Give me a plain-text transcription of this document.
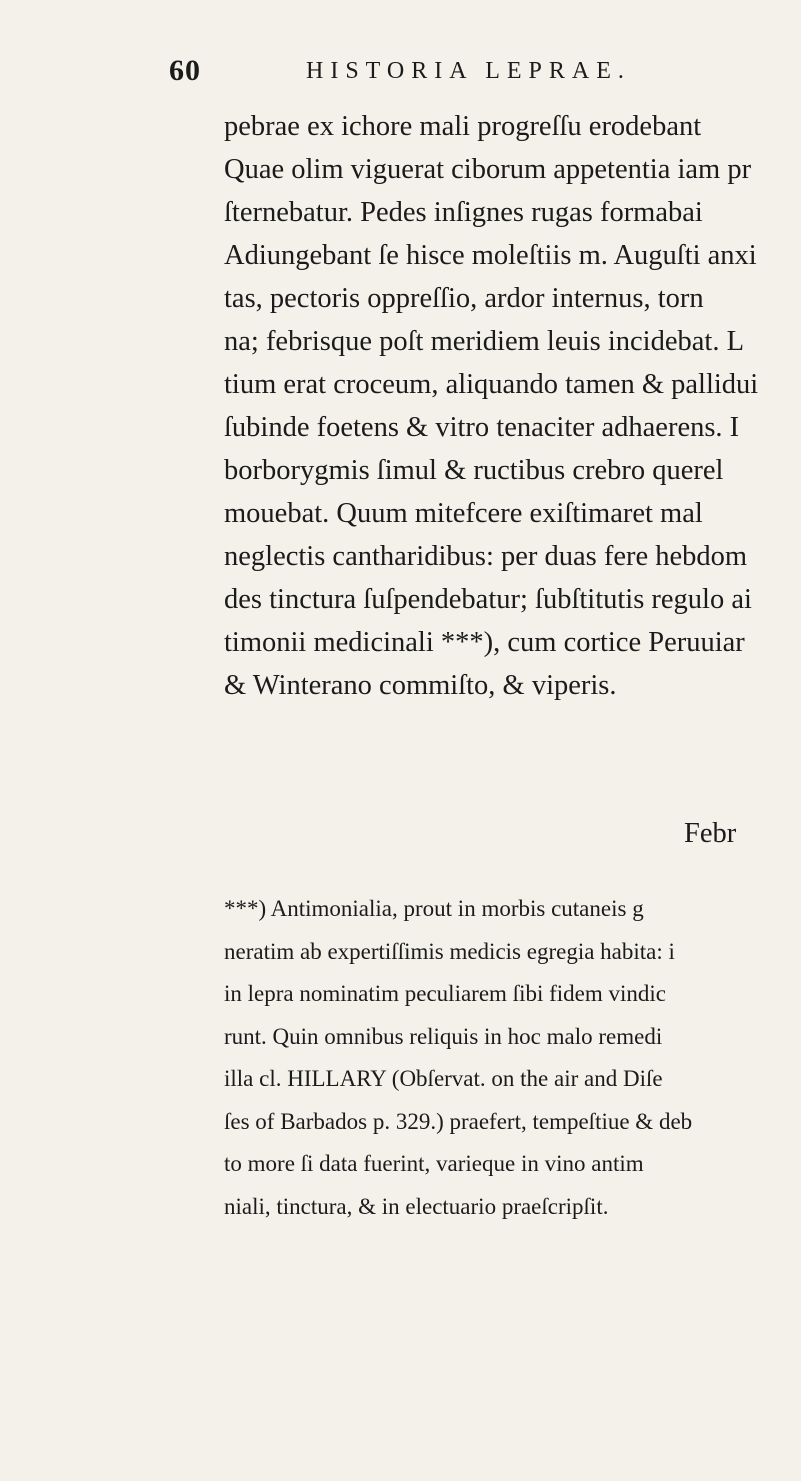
60	HISTORIA LEPRAE.
pebrae ex ichore mali progreſſu erodebant
Quae olim viguerat ciborum appetentia iam pr
ſternebatur. Pedes inſignes rugas formabai
Adiungebant ſe hisce moleſtiis m. Auguſti anxi
tas, pectoris oppreſſio, ardor internus, torn
na; febrisque poſt meridiem leuis incidebat. L
tium erat croceum, aliquando tamen & pallidui
ſubinde foetens & vitro tenaciter adhaerens. I
borborygmis ſimul & ructibus crebro querel
mouebat. Quum mitefcere exiſtimaret mal
neglectis cantharidibus: per duas fere hebdom
des tinctura ſuſpendebatur; ſubſtitutis regulo ai
timonii medicinali ***), cum cortice Peruuiar
& Winterano commiſto, & viperis.
Febr
***) Antimonialia, prout in morbis cutaneis g
neratim ab expertiſſimis medicis egregia habita: i
in lepra nominatim peculiarem ſibi fidem vindic
runt. Quin omnibus reliquis in hoc malo remedi
illa cl. HILLARY (Obſervat. on the air and Diſe
ſes of Barbados p. 329.) praefert, tempeſtiue & deb
to more ſi data fuerint, varieque in vino antim
niali, tinctura, & in electuario praeſcripſit.
